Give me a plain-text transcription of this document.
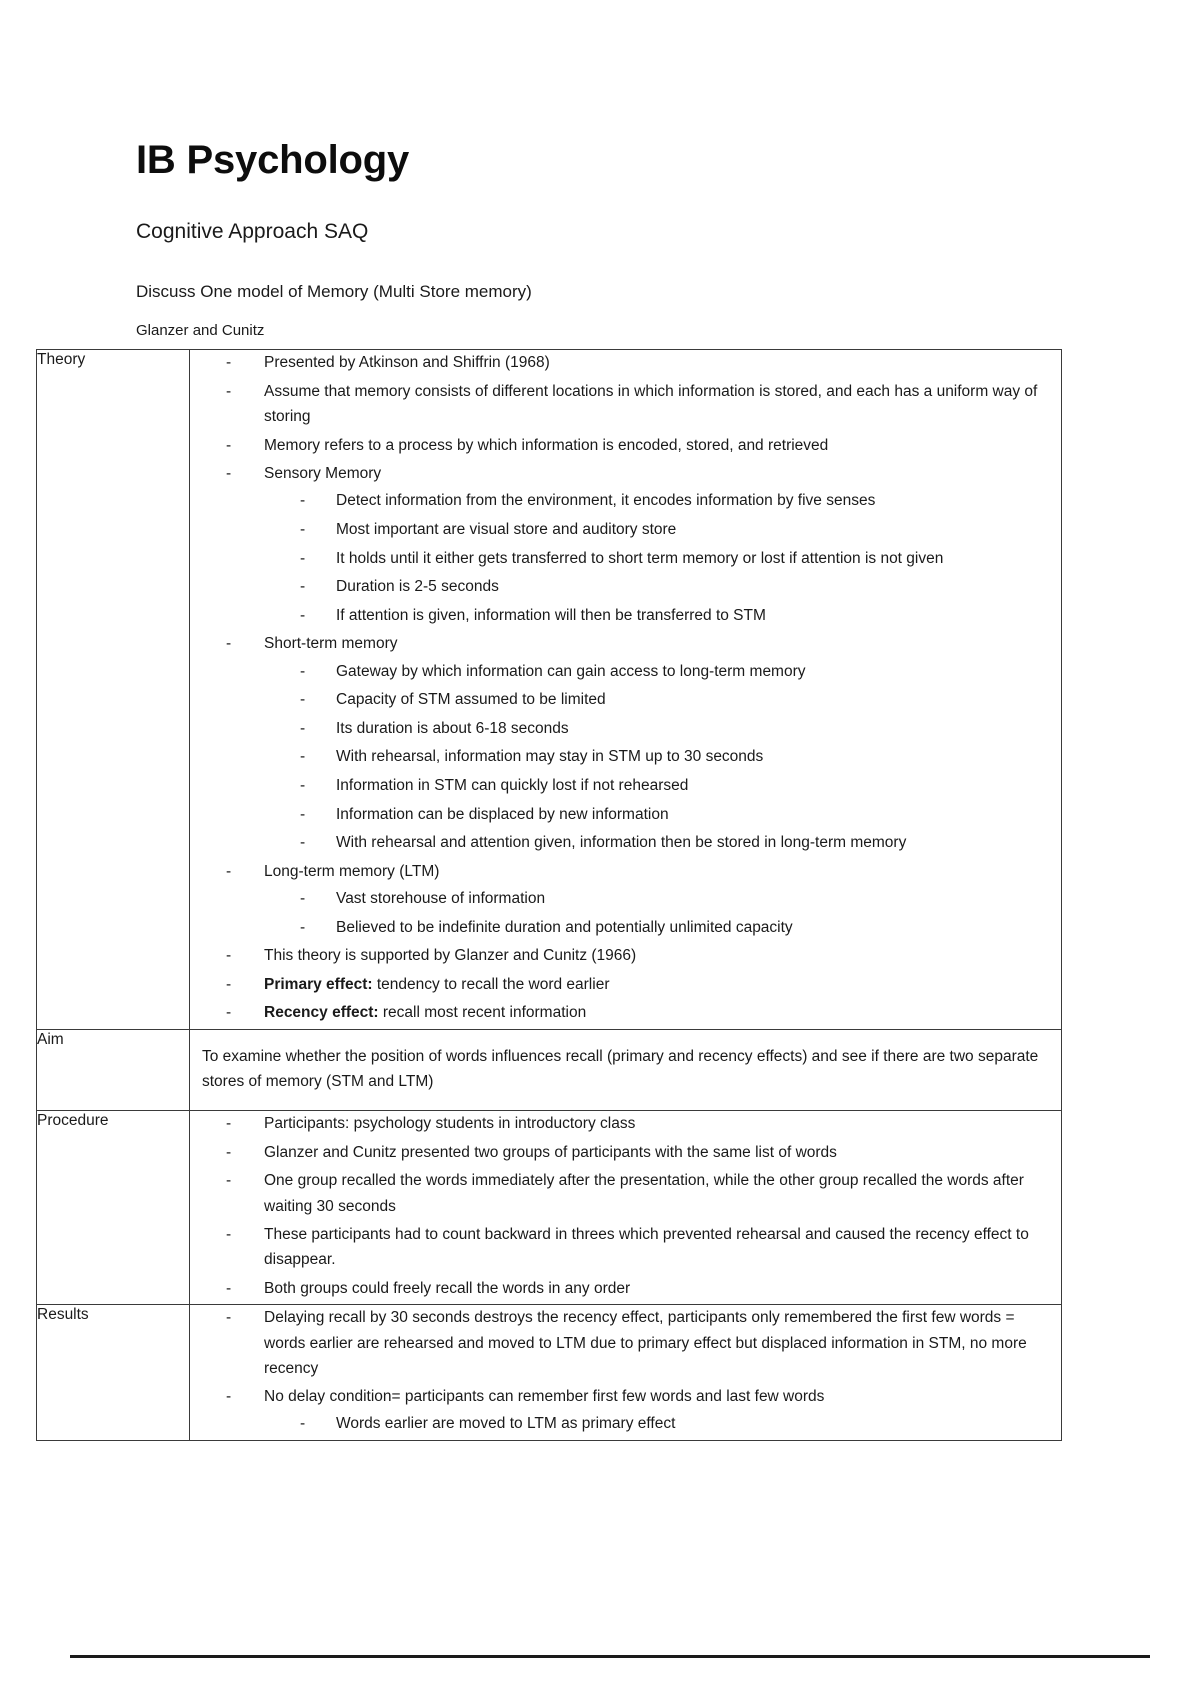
IB Psychology
Cognitive Approach SAQ
Discuss One model of Memory (Multi Store memory)
Glanzer and Cunitz
Theory	
-Presented by Atkinson and Shiffrin (1968)
- Assume that memory consists of different locations in which information is stored, and each has a uniform way of storing
- Memory refers to a process by which information is encoded, stored, and retrieved
- Sensory Memory
- Detect information from the environment, it encodes information by five senses
- Most important are visual store and auditory store
- It holds until it either gets transferred to short term memory or lost if attention is not given
- Duration is 2-5 seconds
- If attention is given, information will then be transferred to STM
- Short-term memory
- Gateway by which information can gain access to long-term memory
- Capacity of STM assumed to be limited
- Its duration is about 6-18 seconds
- With rehearsal, information may stay in STM up to 30 seconds
- Information in STM can quickly lost if not rehearsed
- Information can be displaced by new information
- With rehearsal and attention given, information then be stored in long-term memory
- Long-term memory (LTM)
- Vast storehouse of information
- Believed to be indefinite duration and potentially unlimited capacity
- This theory is supported by Glanzer and Cunitz (1966)
- Primary effect: tendency to recall the word earlier
- Recency effect: recall most recent information

Aim	To examine whether the position of words influences recall (primary and recency effects) and see if there are two separate stores of memory (STM and LTM)

Procedure	
-Participants: psychology students in introductory class
- Glanzer and Cunitz presented two groups of participants with the same list of words
- One group recalled the words immediately after the presentation, while the other group recalled the words after waiting 30 seconds
- These participants had to count backward in threes which prevented rehearsal and caused the recency effect to disappear.
- Both groups could freely recall the words in any order

Results	
-Delaying recall by 30 seconds destroys the recency effect, participants only remembered the first few words = words earlier are rehearsed and moved to LTM due to primary effect but displaced information in STM, no more recency
- No delay condition= participants can remember first few words and last few words
- Words earlier are moved to LTM as primary effect
